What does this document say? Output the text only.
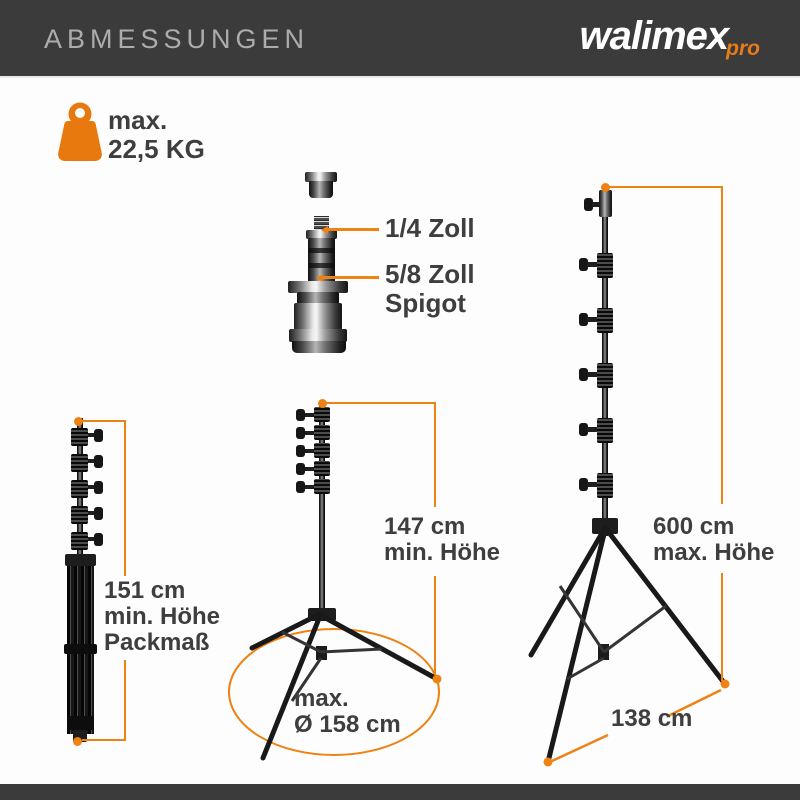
ABMESSUNGEN	walimexpro
max.
22,5 KG
1/4 Zoll
5/8 Zoll
Spigot
151 cm
min. Höhe
Packmaß
147 cm
min. Höhe
max.
Ø 158 cm
600 cm
max. Höhe
138 cm
